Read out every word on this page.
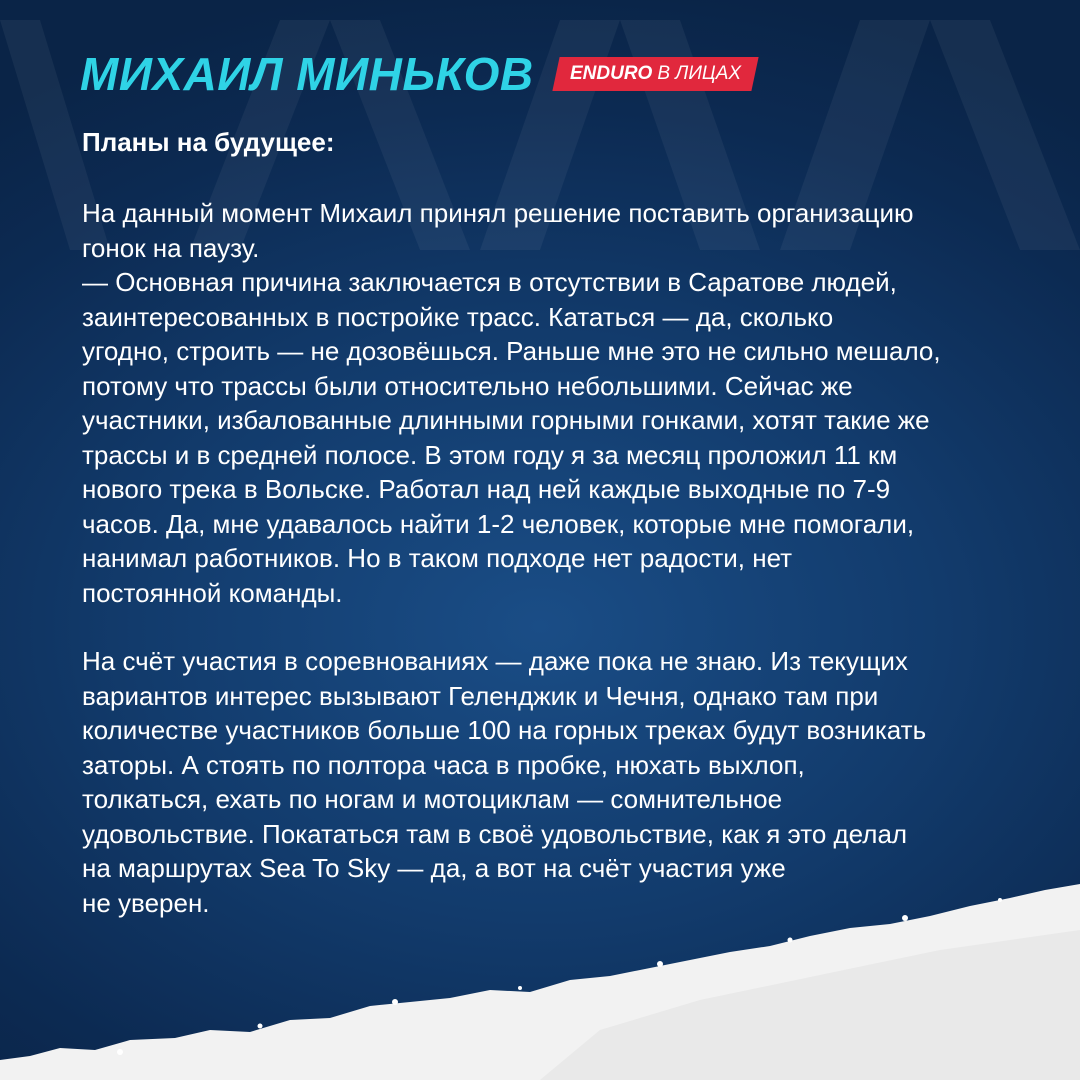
МИХАИЛ МИНЬКОВ ENDURO В ЛИЦАХ

Планы на будущее:

На данный момент Михаил принял решение поставить организацию
гонок на паузу.
— Основная причина заключается в отсутствии в Саратове людей,
заинтересованных в постройке трасс. Кататься — да, сколько
угодно, строить — не дозовёшься. Раньше мне это не сильно мешало,
потому что трассы были относительно небольшими. Сейчас же
участники, избалованные длинными горными гонками, хотят такие же
трассы и в средней полосе. В этом году я за месяц проложил 11 км
нового трека в Вольске. Работал над ней каждые выходные по 7-9
часов. Да, мне удавалось найти 1-2 человек, которые мне помогали,
нанимал работников. Но в таком подходе нет радости, нет
постоянной команды.

На счёт участия в соревнованиях — даже пока не знаю. Из текущих
вариантов интерес вызывают Геленджик и Чечня, однако там при
количестве участников больше 100 на горных треках будут возникать
заторы. А стоять по полтора часа в пробке, нюхать выхлоп,
толкаться, ехать по ногам и мотоциклам — сомнительное
удовольствие. Покататься там в своё удовольствие, как я это делал
на маршрутах Sea To Sky — да, а вот на счёт участия уже
не уверен.
